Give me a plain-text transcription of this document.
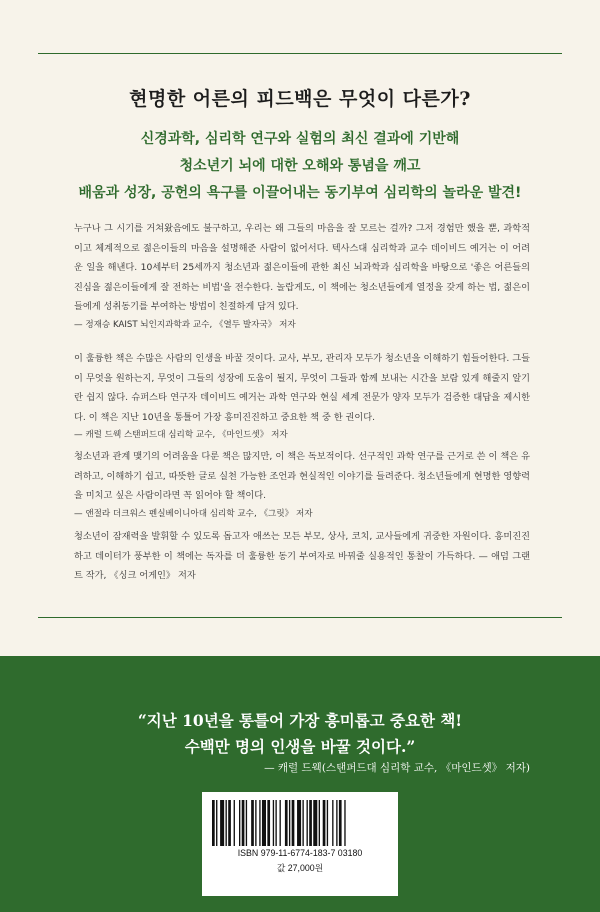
현명한 어른의 피드백은 무엇이 다른가?
신경과학, 심리학 연구와 실험의 최신 결과에 기반해
청소년기 뇌에 대한 오해와 통념을 깨고
배움과 성장, 공헌의 욕구를 이끌어내는 동기부여 심리학의 놀라운 발견!

누구나 그 시기를 거쳐왔음에도 불구하고, 우리는 왜 그들의 마음을 잘 모르는 걸까? 그저 경험만 했을 뿐, 과학적이고 체계적으로 젊은이들의 마음을 설명해준 사람이 없어서다. 텍사스대 심리학과 교수 데이비드 예거는 이 어려운 일을 해낸다. 10세부터 25세까지 청소년과 젊은이들에 관한 최신 뇌과학과 심리학을 바탕으로 '좋은 어른들의 진심을 젊은이들에게 잘 전하는 비법'을 전수한다. 놀랍게도, 이 책에는 청소년들에게 열정을 갖게 하는 법, 젊은이들에게 성취동기를 부여하는 방법이 친절하게 담겨 있다.

— 정재승 KAIST 뇌인지과학과 교수, 《열두 발자국》 저자

이 훌륭한 책은 수많은 사람의 인생을 바꿀 것이다. 교사, 부모, 관리자 모두가 청소년을 이해하기 힘들어한다. 그들이 무엇을 원하는지, 무엇이 그들의 성장에 도움이 될지, 무엇이 그들과 함께 보내는 시간을 보람 있게 해줄지 알기란 쉽지 않다. 슈퍼스타 연구자 데이비드 예거는 과학 연구와 현실 세계 전문가 양자 모두가 검증한 대답을 제시한다. 이 책은 지난 10년을 통틀어 가장 흥미진진하고 중요한 책 중 한 권이다.

— 캐럴 드웩 스탠퍼드대 심리학 교수, 《마인드셋》 저자

청소년과 관계 맺기의 어려움을 다룬 책은 많지만, 이 책은 독보적이다. 선구적인 과학 연구를 근거로 쓴 이 책은 유려하고, 이해하기 쉽고, 따뜻한 글로 실천 가능한 조언과 현실적인 이야기를 들려준다. 청소년들에게 현명한 영향력을 미치고 싶은 사람이라면 꼭 읽어야 할 책이다.

— 앤절라 더크워스 펜실베이니아대 심리학 교수, 《그릿》 저자

청소년이 잠재력을 발휘할 수 있도록 돕고자 애쓰는 모든 부모, 상사, 코치, 교사들에게 귀중한 자원이다. 흥미진진하고 데이터가 풍부한 이 책에는 독자를 더 훌륭한 동기 부여자로 바꿔줄 실용적인 통찰이 가득하다. — 애덤 그랜트 작가, 《싱크 어게인》 저자

“지난 10년을 통틀어 가장 흥미롭고 중요한 책!
수백만 명의 인생을 바꿀 것이다.”
— 캐럴 드웩(스탠퍼드대 심리학 교수, 《마인드셋》 저자)
ISBN 979-11-6774-183-7 03180
값 27,000원
